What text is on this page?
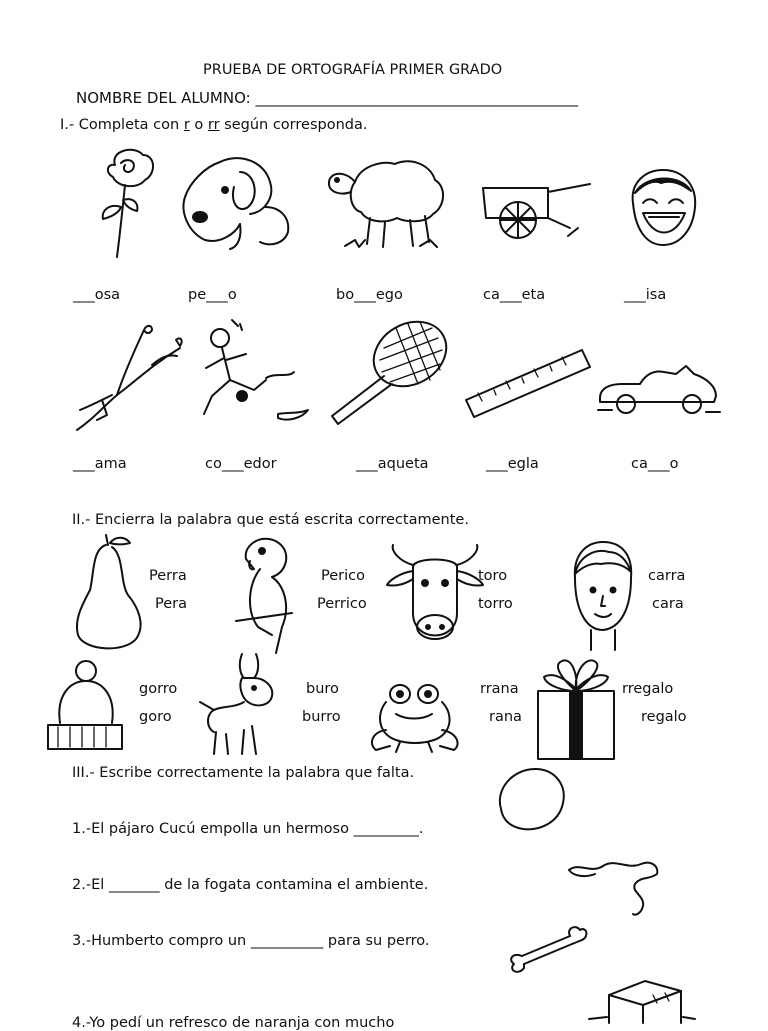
PRUEBA DE ORTOGRAFÍA PRIMER GRADO
NOMBRE DEL ALUMNO: ___________________________________________
I.- Completa con r o rr según corresponda.
___osa	pe___o	bo___ego	ca___eta	___isa
___ama	co___edor	___aqueta	___egla	ca___o
II.- Encierra la palabra que está escrita correctamente.
Perra
Pera
Perico
Perrico
toro
torro
carra
cara
gorro
goro
buro
burro
rrana
rana
rregalo
regalo
III.- Escribe correctamente la palabra que falta.
1.-El pájaro Cucú empolla un hermoso _________.
2.-El _______ de la fogata contamina el ambiente.
3.-Humberto compro un __________ para su perro.
4.-Yo pedí un refresco de naranja con mucho
